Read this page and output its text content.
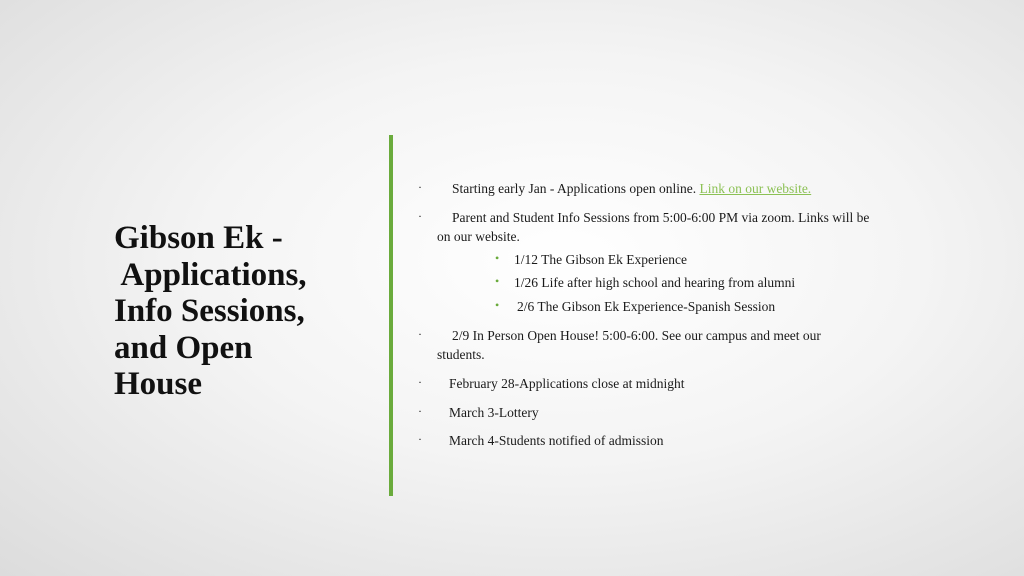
Gibson Ek -
Applications,
Info Sessions,
and Open
House
· Starting early Jan - Applications open online. Link on our website.
· Parent and Student Info Sessions from 5:00-6:00 PM via zoom. Links will be
on our website.
• 1/12 The Gibson Ek Experience
• 1/26 Life after high school and hearing from alumni
• 2/6 The Gibson Ek Experience-Spanish Session
· 2/9 In Person Open House! 5:00-6:00. See our campus and meet our
students.
· February 28-Applications close at midnight
· March 3-Lottery
· March 4-Students notified of admission
